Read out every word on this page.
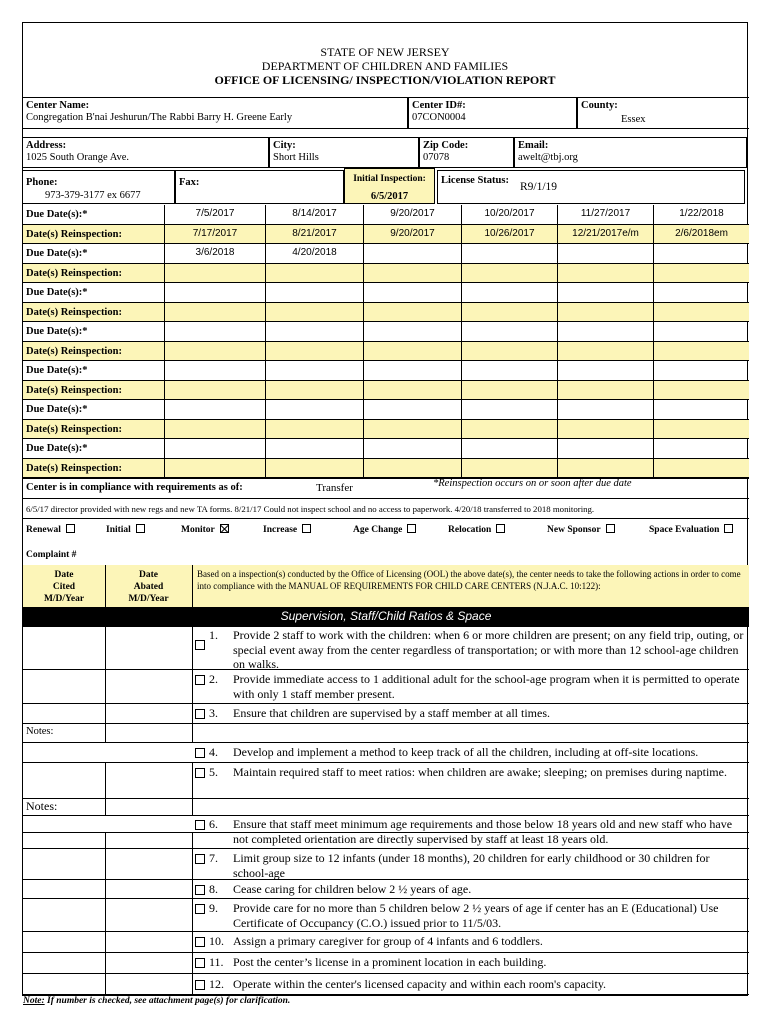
STATE OF NEW JERSEY
DEPARTMENT OF CHILDREN AND FAMILIES
OFFICE OF LICENSING/ INSPECTION/VIOLATION REPORT
Center Name:
Congregation B'nai Jeshurun/The Rabbi Barry H. Greene Early
Center ID#:
07CON0004
County:
Essex
Address:
1025 South Orange Ave.
City:
Short Hills
Zip Code:
07078
Email:
awelt@tbj.org
Phone:
973-379-3177 ex 6677
Fax:	Initial Inspection:
6/5/2017
License Status:
R9/1/19
Due Date(s):*	7/5/2017	8/14/2017	9/20/2017	10/20/2017	11/27/2017	1/22/2018
Date(s) Reinspection:	7/17/2017	8/21/2017	9/20/2017	10/26/2017	12/21/2017e/m	2/6/2018em
Due Date(s):*	3/6/2018	4/20/2018
Date(s) Reinspection:
Due Date(s):*
Date(s) Reinspection:
Due Date(s):*
Date(s) Reinspection:
Due Date(s):*
Date(s) Reinspection:
Due Date(s):*
Date(s) Reinspection:
Due Date(s):*
Date(s) Reinspection:
Center is in compliance with requirements as of:	Transfer	*Reinspection occurs on or soon after due date
6/5/17 director provided with new regs and new TA forms. 8/21/17 Could not inspect school and no access to paperwork. 4/20/18 transferred to 2018 monitoring.
Renewal	Initial	Monitor	Increase	Age Change	Relocation	New Sponsor	Space Evaluation
Complaint #
Date
Cited
M/D/Year
Date
Abated
M/D/Year
Based on a inspection(s) conducted by the Office of Licensing (OOL) the above date(s), the center needs to take the following actions in order to come into compliance with the MANUAL OF REQUIREMENTS FOR CHILD CARE CENTERS (N.J.A.C. 10:122):
Supervision, Staff/Child Ratios & Space
1. Provide 2 staff to work with the children: when 6 or more children are present; on any field trip, outing, or special event away from the center regardless of transportation; or with more than 12 school-age children on walks.
2. Provide immediate access to 1 additional adult for the school-age program when it is permitted to operate with only 1 staff member present.
3. Ensure that children are supervised by a staff member at all times.
4. Develop and implement a method to keep track of all the children, including at off-site locations.
5. Maintain required staff to meet ratios: when children are awake; sleeping; on premises during naptime.
6. Ensure that staff meet minimum age requirements and those below 18 years old and new staff who have not completed orientation are directly supervised by staff at least 18 years old.
7. Limit group size to 12 infants (under 18 months), 20 children for early childhood or 30 children for school-age
8. Cease caring for children below 2 ½ years of age.
9. Provide care for no more than 5 children below 2 ½ years of age if center has an E (Educational) Use Certificate of Occupancy (C.O.) issued prior to 11/5/03.
10. Assign a primary caregiver for group of 4 infants and 6 toddlers.
11. Post the center’s license in a prominent location in each building.
12. Operate within the center's licensed capacity and within each room's capacity.
Notes:
Notes:
Note: If number is checked, see attachment page(s) for clarification.
